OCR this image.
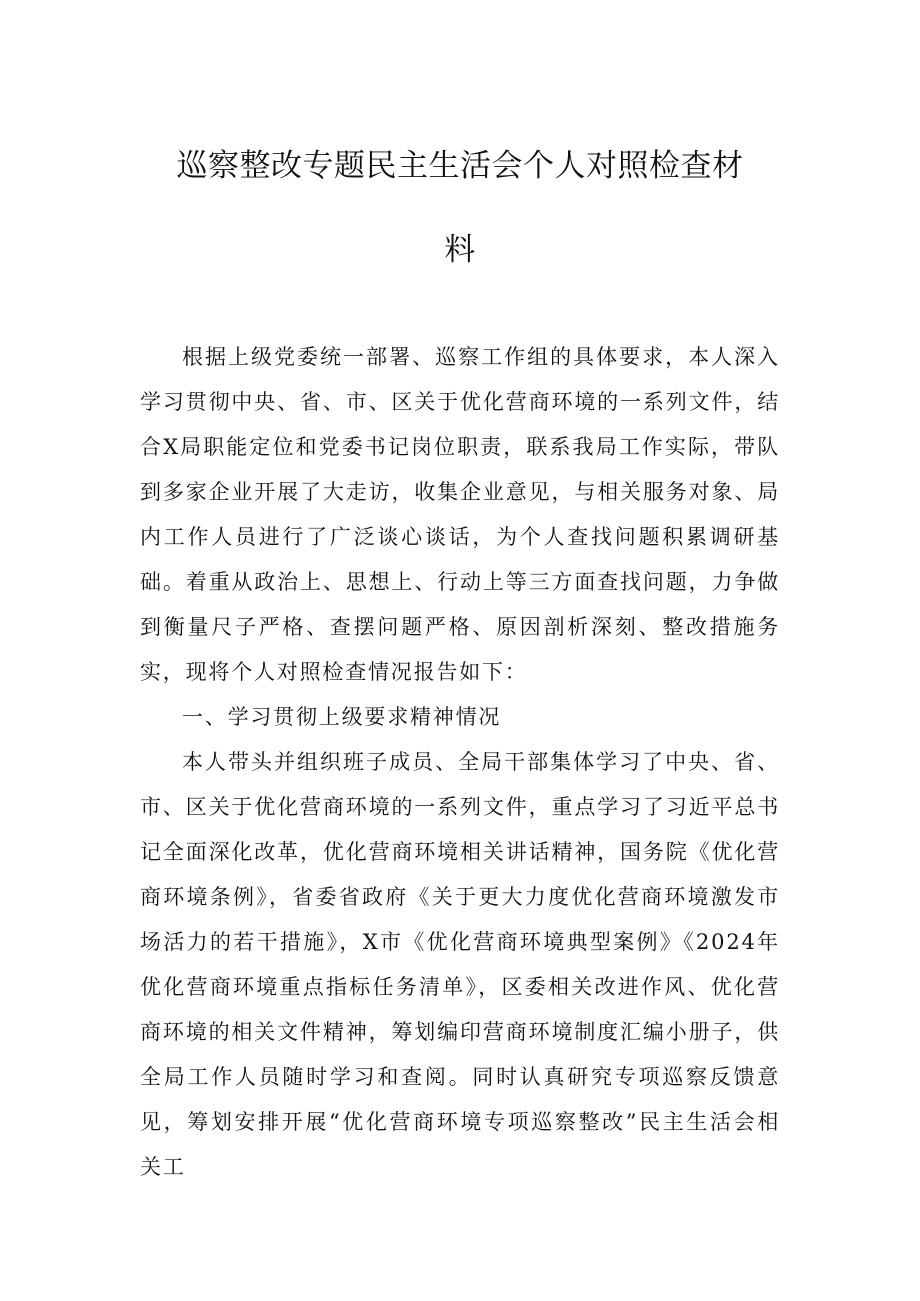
巡察整改专题民主生活会个人对照检查材
料

根据上级党委统一部署、巡察工作组的具体要求，本人深入学习贯彻中央、省、市、区关于优化营商环境的一系列文件，结合X局职能定位和党委书记岗位职责，联系我局工作实际，带队到多家企业开展了大走访，收集企业意见，与相关服务对象、局内工作人员进行了广泛谈心谈话，为个人查找问题积累调研基础。着重从政治上、思想上、行动上等三方面查找问题，力争做到衡量尺子严格、查摆问题严格、原因剖析深刻、整改措施务实，现将个人对照检查情况报告如下：

一、学习贯彻上级要求精神情况

本人带头并组织班子成员、全局干部集体学习了中央、省、市、区关于优化营商环境的一系列文件，重点学习了习近平总书记全面深化改革，优化营商环境相关讲话精神，国务院《优化营商环境条例》，省委省政府《关于更大力度优化营商环境激发市场活力的若干措施》，X市《优化营商环境典型案例》《2024年优化营商环境重点指标任务清单》，区委相关改进作风、优化营商环境的相关文件精神，筹划编印营商环境制度汇编小册子，供全局工作人员随时学习和查阅。同时认真研究专项巡察反馈意见，筹划安排开展“优化营商环境专项巡察整改”民主生活会相关工
